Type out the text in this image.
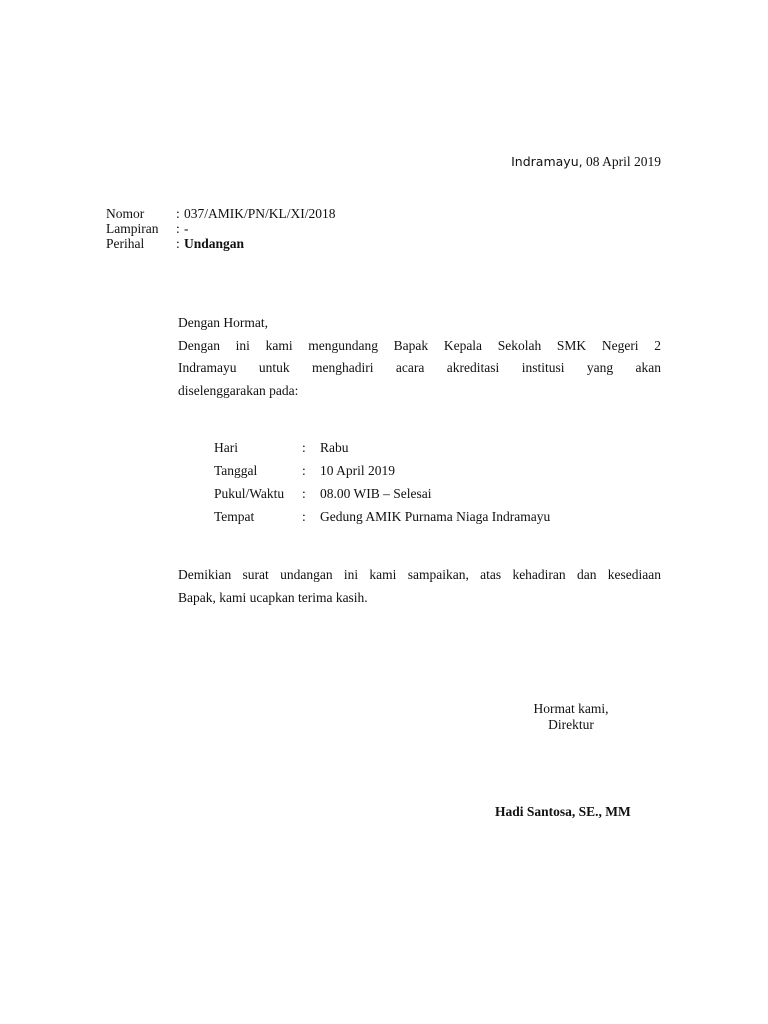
Indramayu, 08 April 2019
Nomor	: 037/AMIK/PN/KL/XI/2018
Lampiran	: -
Perihal	: Undangan
Dengan Hormat,
Dengan ini kami mengundang Bapak Kepala Sekolah SMK Negeri 2
Indramayu untuk menghadiri acara akreditasi institusi yang akan
diselenggarakan pada:
Hari	:	Rabu
Tanggal	:	10 April 2019
Pukul/Waktu	:	08.00 WIB – Selesai
Tempat	:	Gedung AMIK Purnama Niaga Indramayu
Demikian surat undangan ini kami sampaikan, atas kehadiran dan kesediaan
Bapak, kami ucapkan terima kasih.
Hormat kami,
Direktur
Hadi Santosa, SE., MM
